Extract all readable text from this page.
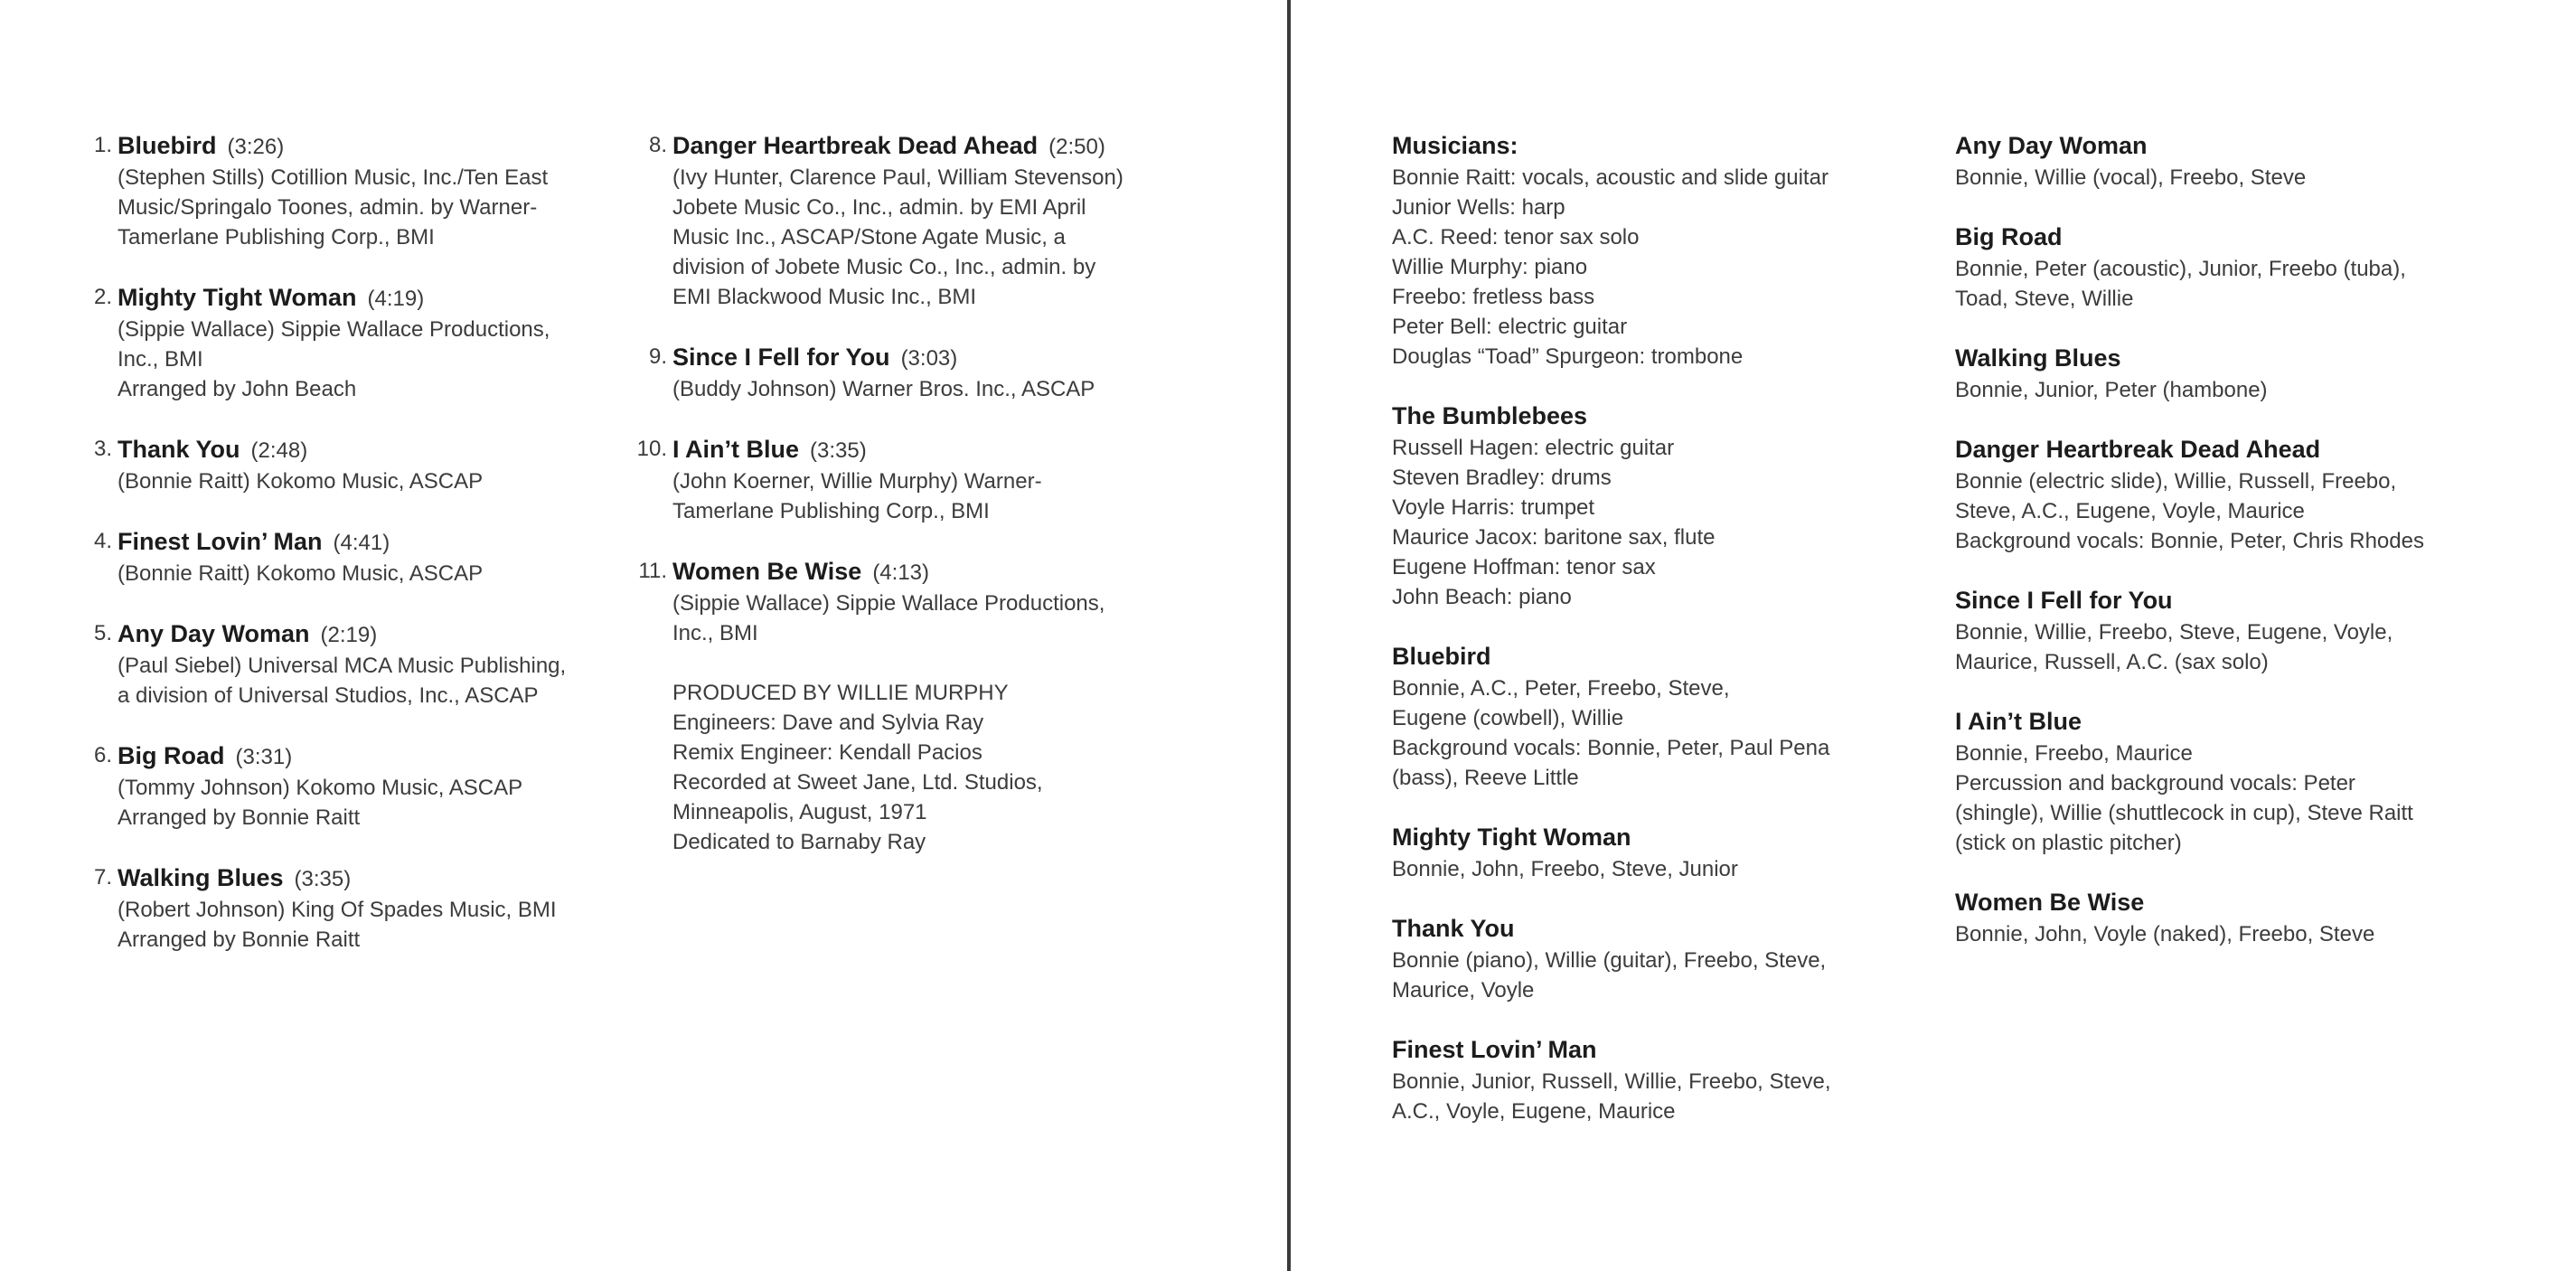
1. Bluebird (3:26)
(Stephen Stills) Cotillion Music, Inc./Ten East
Music/Springalo Toones, admin. by Warner-
Tamerlane Publishing Corp., BMI
2. Mighty Tight Woman (4:19)
(Sippie Wallace) Sippie Wallace Productions,
Inc., BMI
Arranged by John Beach
3. Thank You (2:48)
(Bonnie Raitt) Kokomo Music, ASCAP
4. Finest Lovin’ Man (4:41)
(Bonnie Raitt) Kokomo Music, ASCAP
5. Any Day Woman (2:19)
(Paul Siebel) Universal MCA Music Publishing,
a division of Universal Studios, Inc., ASCAP
6. Big Road (3:31)
(Tommy Johnson) Kokomo Music, ASCAP
Arranged by Bonnie Raitt
7. Walking Blues (3:35)
(Robert Johnson) King Of Spades Music, BMI
Arranged by Bonnie Raitt
8. Danger Heartbreak Dead Ahead (2:50)
(Ivy Hunter, Clarence Paul, William Stevenson)
Jobete Music Co., Inc., admin. by EMI April
Music Inc., ASCAP/Stone Agate Music, a
division of Jobete Music Co., Inc., admin. by
EMI Blackwood Music Inc., BMI
9. Since I Fell for You (3:03)
(Buddy Johnson) Warner Bros. Inc., ASCAP
10. I Ain’t Blue (3:35)
(John Koerner, Willie Murphy) Warner-
Tamerlane Publishing Corp., BMI
11. Women Be Wise (4:13)
(Sippie Wallace) Sippie Wallace Productions,
Inc., BMI
PRODUCED BY WILLIE MURPHY
Engineers: Dave and Sylvia Ray
Remix Engineer: Kendall Pacios
Recorded at Sweet Jane, Ltd. Studios,
Minneapolis, August, 1971
Dedicated to Barnaby Ray
Musicians:
Bonnie Raitt: vocals, acoustic and slide guitar
Junior Wells: harp
A.C. Reed: tenor sax solo
Willie Murphy: piano
Freebo: fretless bass
Peter Bell: electric guitar
Douglas “Toad” Spurgeon: trombone
The Bumblebees
Russell Hagen: electric guitar
Steven Bradley: drums
Voyle Harris: trumpet
Maurice Jacox: baritone sax, flute
Eugene Hoffman: tenor sax
John Beach: piano
Bluebird
Bonnie, A.C., Peter, Freebo, Steve,
Eugene (cowbell), Willie
Background vocals: Bonnie, Peter, Paul Pena
(bass), Reeve Little
Mighty Tight Woman
Bonnie, John, Freebo, Steve, Junior
Thank You
Bonnie (piano), Willie (guitar), Freebo, Steve,
Maurice, Voyle
Finest Lovin’ Man
Bonnie, Junior, Russell, Willie, Freebo, Steve,
A.C., Voyle, Eugene, Maurice
Any Day Woman
Bonnie, Willie (vocal), Freebo, Steve
Big Road
Bonnie, Peter (acoustic), Junior, Freebo (tuba),
Toad, Steve, Willie
Walking Blues
Bonnie, Junior, Peter (hambone)
Danger Heartbreak Dead Ahead
Bonnie (electric slide), Willie, Russell, Freebo,
Steve, A.C., Eugene, Voyle, Maurice
Background vocals: Bonnie, Peter, Chris Rhodes
Since I Fell for You
Bonnie, Willie, Freebo, Steve, Eugene, Voyle,
Maurice, Russell, A.C. (sax solo)
I Ain’t Blue
Bonnie, Freebo, Maurice
Percussion and background vocals: Peter
(shingle), Willie (shuttlecock in cup), Steve Raitt
(stick on plastic pitcher)
Women Be Wise
Bonnie, John, Voyle (naked), Freebo, Steve
